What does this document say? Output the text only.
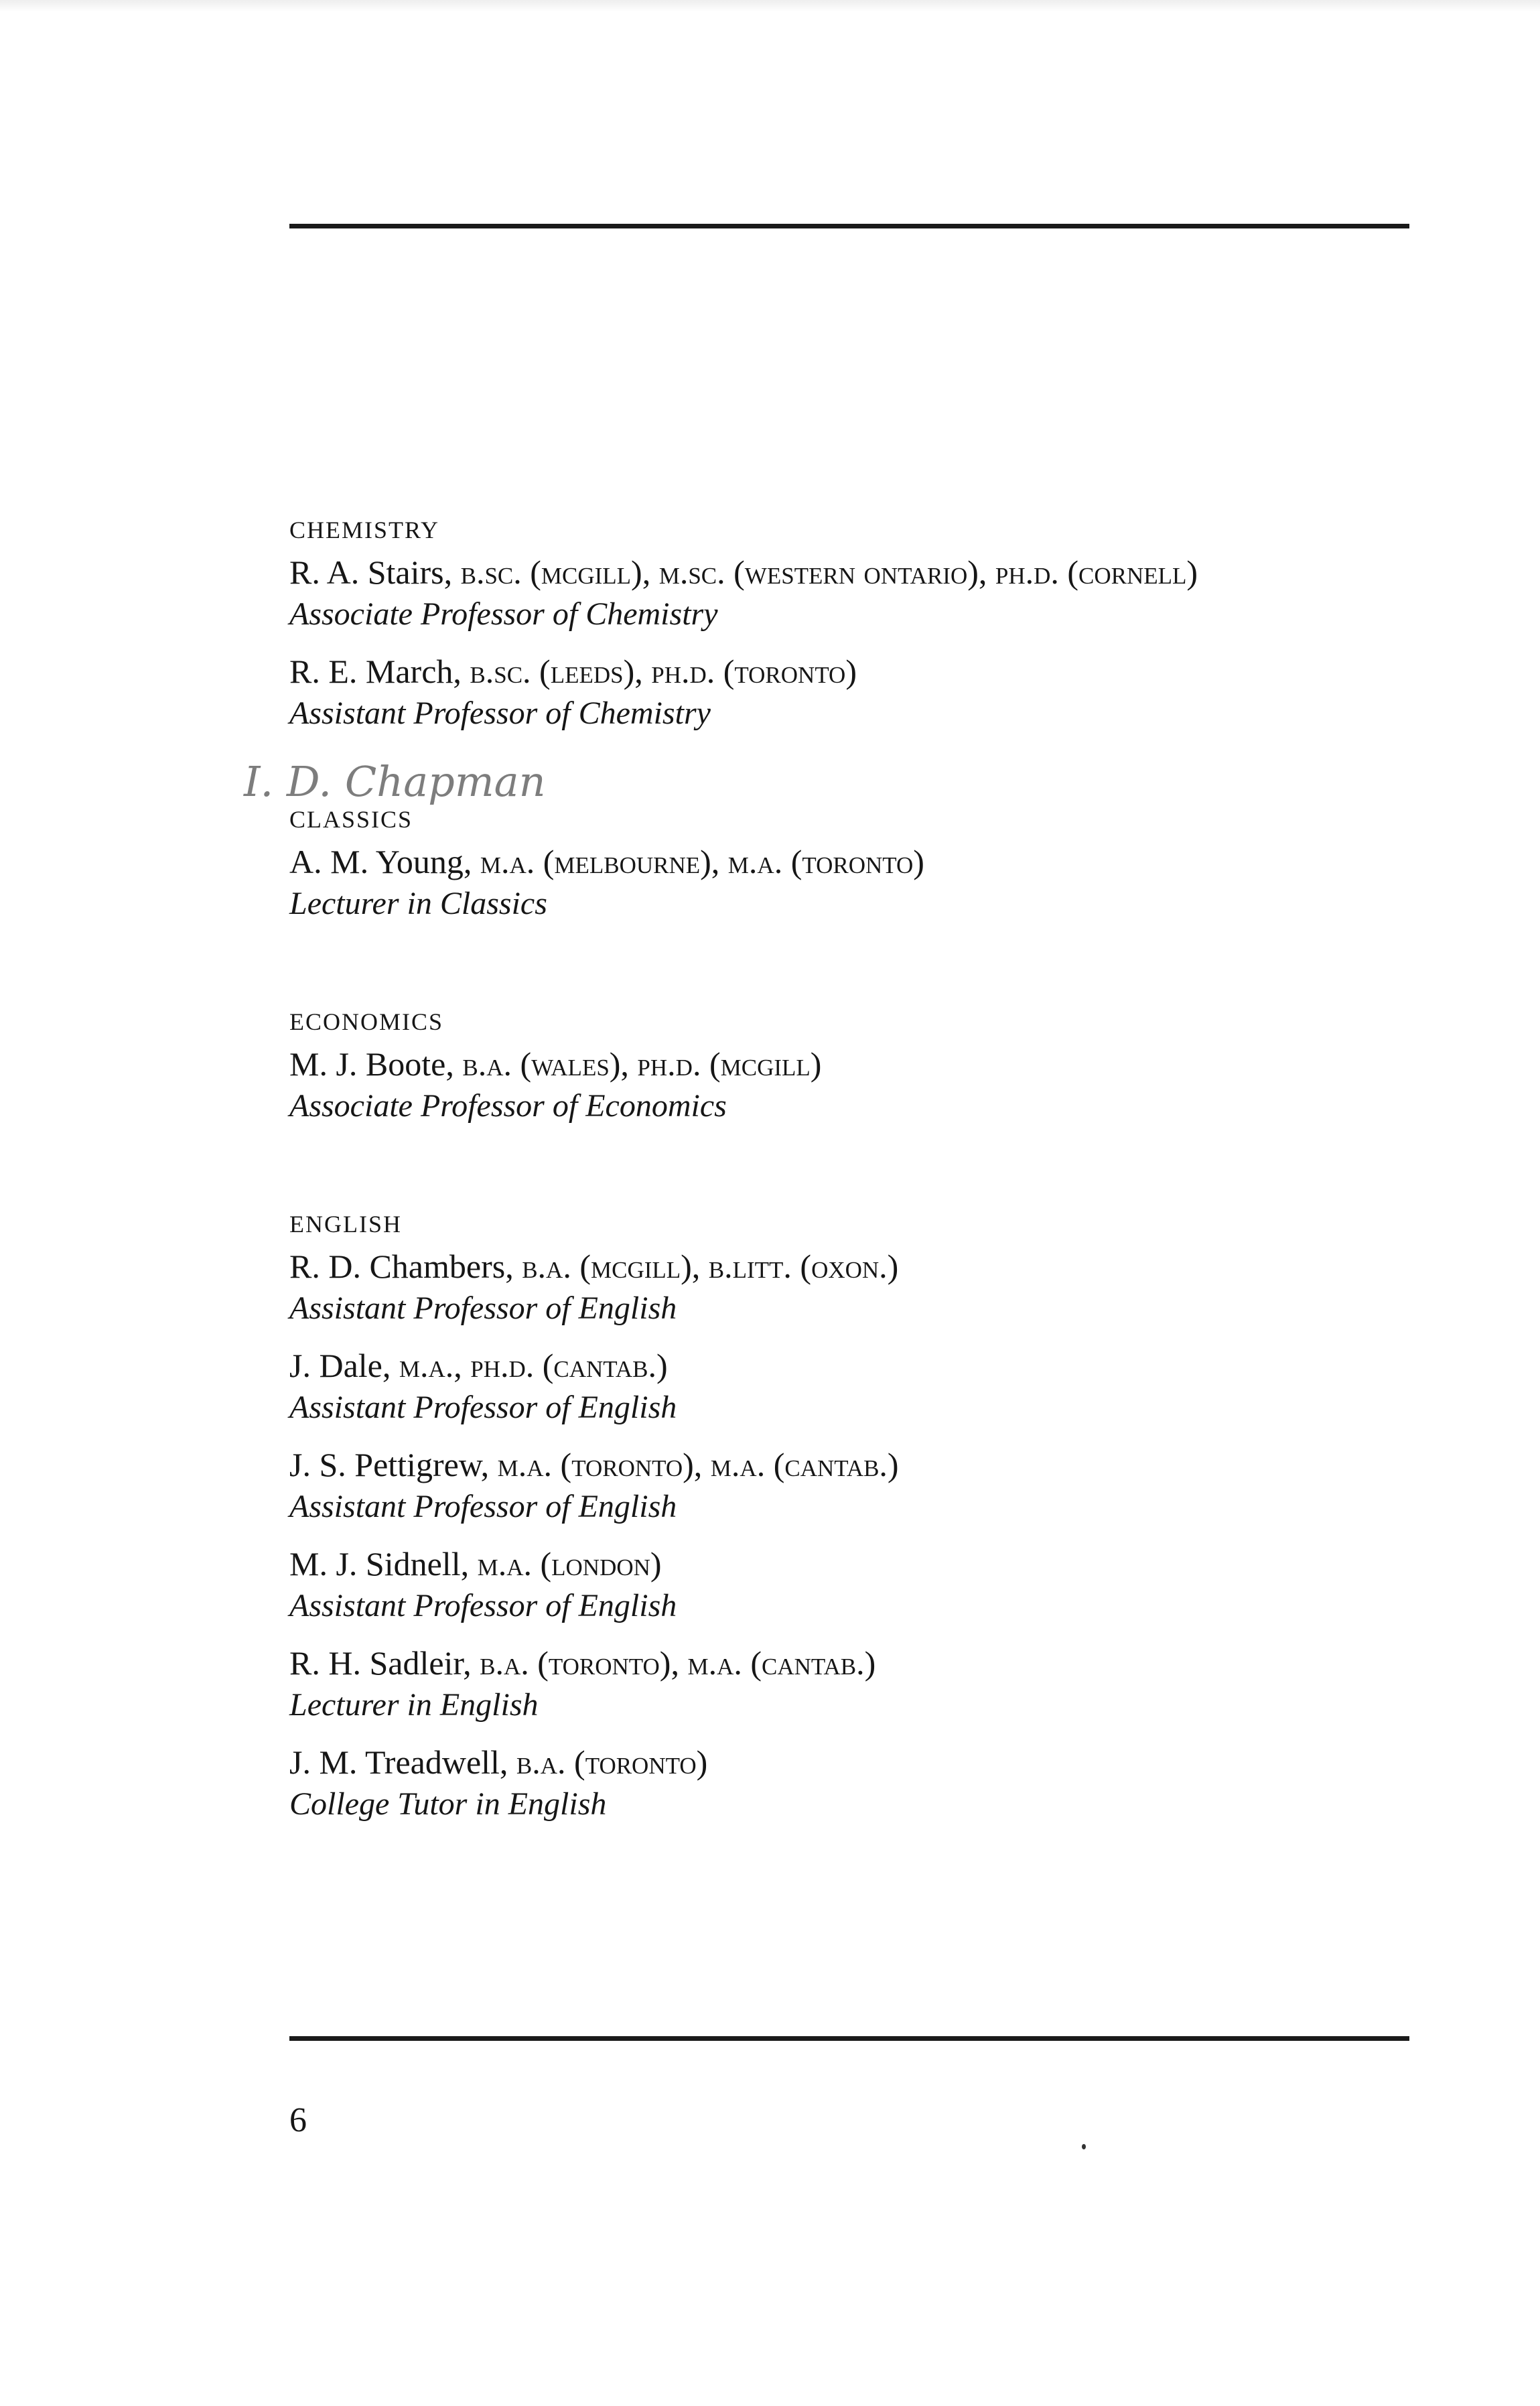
CHEMISTRY
R. A. Stairs, b.sc. (mcgill), m.sc. (western ontario), ph.d. (cornell)
Associate Professor of Chemistry
R. E. March, b.sc. (leeds), ph.d. (toronto)
Assistant Professor of Chemistry
CLASSICS
A. M. Young, m.a. (melbourne), m.a. (toronto)
Lecturer in Classics
ECONOMICS
M. J. Boote, b.a. (wales), ph.d. (mcgill)
Associate Professor of Economics
ENGLISH
R. D. Chambers, b.a. (mcgill), b.litt. (oxon.)
Assistant Professor of English
J. Dale, m.a., ph.d. (cantab.)
Assistant Professor of English
J. S. Pettigrew, m.a. (toronto), m.a. (cantab.)
Assistant Professor of English
M. J. Sidnell, m.a. (london)
Assistant Professor of English
R. H. Sadleir, b.a. (toronto), m.a. (cantab.)
Lecturer in English
J. M. Treadwell, b.a. (toronto)
College Tutor in English
I. D. Chapman
6
